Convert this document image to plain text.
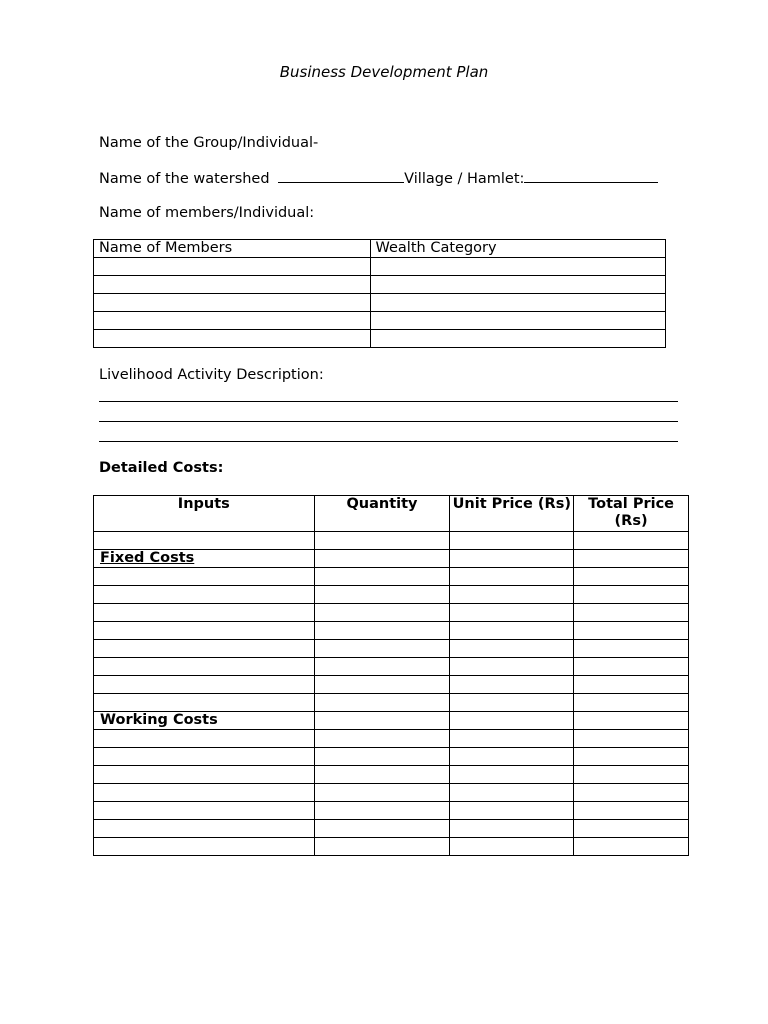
Business Development Plan
Name of the Group/Individual-
Name of the watershed	Village / Hamlet:
Name of members/Individual:
Name of Members	Wealth Category

Livelihood Activity Description:
Detailed Costs:
Inputs	Quantity	Unit Price (Rs)	Total Price (Rs)

Fixed Costs			

Working Costs			
